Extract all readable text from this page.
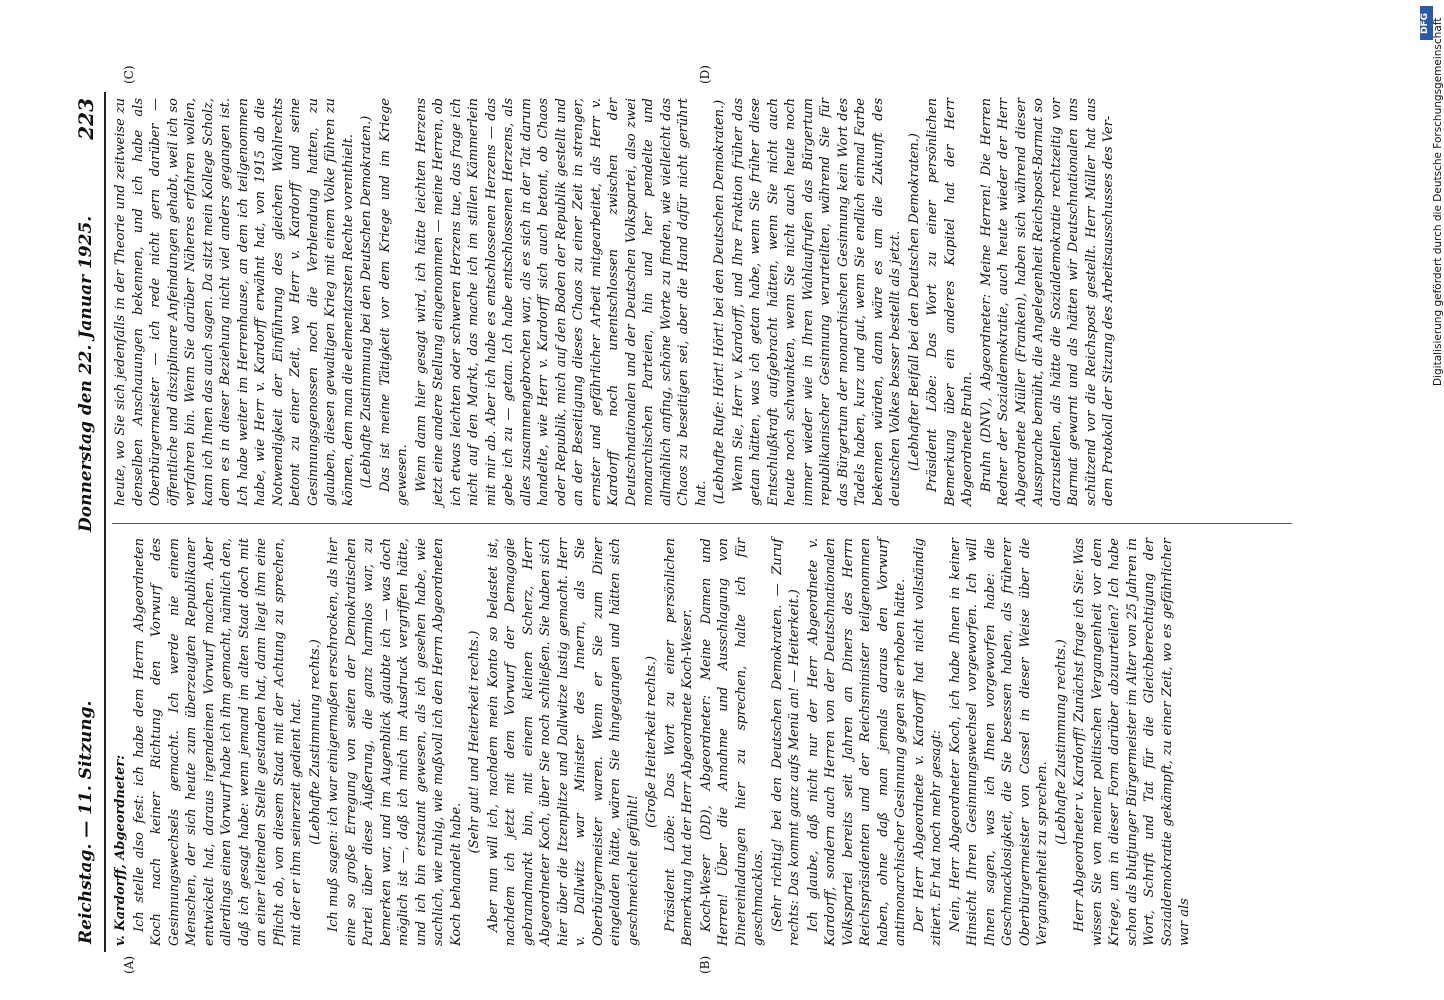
Reichstag. — 11. Sitzung.
Donnerstag den 22. Januar 1925.
223

v. Kardorff, Abgeordneter: Ich stelle also fest: ich habe dem Herrn Abgeordneten Koch nach keiner Richtung den Vorwurf des Gesinnungswechsels gemacht. Ich werde nie einem Menschen, der sich heute zum überzeugten Republikaner entwickelt hat, daraus irgendeinen Vorwurf machen. Aber allerdings einen Vorwurf habe ich ihm gemacht, nämlich den, daß ich gesagt habe: wenn jemand im alten Staat doch mit an einer leitenden Stelle gestanden hat, dann liegt ihm eine Pflicht ob, von diesem Staat mit der Achtung zu sprechen, mit der er ihm seinerzeit gedient hat. (Lebhafte Zustimmung rechts.) Ich muß sagen: ich war einigermaßen erschrocken, als hier eine so große Erregung von seiten der Demokratischen Partei über diese Äußerung, die ganz harmlos war, zu bemerken war, und im Augenblick glaubte ich — was doch möglich ist —, daß ich mich im Ausdruck vergriffen hätte, und ich bin erstaunt gewesen, als ich gesehen habe, wie sachlich, wie ruhig, wie maßvoll ich den Herrn Abgeordneten Koch behandelt habe.

(Sehr gut! und Heiterkeit rechts.) Aber nun will ich, nachdem mein Konto so belastet ist, nachdem ich jetzt mit dem Vorwurf der Demagogie gebrandmarkt bin, mit einem kleinen Scherz, Herr Abgeordneter Koch, über Sie noch schließen. Sie haben sich hier über die Itzenplitze und Dallwitze lustig gemacht. Herr v. Dallwitz war Minister des Innern, als Sie Oberbürgermeister waren. Wenn er Sie zum Diner eingeladen hätte, wären Sie hingegangen und hätten sich geschmeichelt gefühlt!

(Große Heiterkeit rechts.) Präsident Löbe: Das Wort zu einer persönlichen Bemerkung hat der Herr Abgeordnete Koch-Weser. Koch-Weser (DD), Abgeordneter: Meine Damen und Herren! Über die Annahme und Ausschlagung von Dinereinladungen hier zu sprechen, halte ich für geschmacklos. (Sehr richtig! bei den Deutschen Demokraten. — Zuruf rechts: Das kommt ganz aufs Menü an! — Heiterkeit.) Ich glaube, daß nicht nur der Herr Abgeordnete v. Kardorff, sondern auch Herren von der Deutschnationalen Volkspartei bereits seit Jahren an Diners des Herrn Reichspräsidenten und der Reichsminister teilgenommen haben, ohne daß man jemals daraus den Vorwurf antimonarchischer Gesinnung gegen sie erhoben hätte. Der Herr Abgeordnete v. Kardorff hat nicht vollständig zitiert. Er hat noch mehr gesagt: Nein, Herr Abgeordneter Koch, ich habe Ihnen in keiner Hinsicht Ihren Gesinnungswechsel vorgeworfen. Ich will Ihnen sagen, was ich Ihnen vorgeworfen habe: die Geschmacklosigkeit, die Sie besessen haben, als früherer Oberbürgermeister von Cassel in dieser Weise über die Vergangenheit zu sprechen.

(Lebhafte Zustimmung rechts.) Herr Abgeordneter v. Kardorff! Zunächst frage ich Sie: Was wissen Sie von meiner politischen Vergangenheit vor dem Kriege, um in dieser Form darüber abzuurteilen? Ich habe schon als blutjunger Bürgermeister im Alter von 25 Jahren in Wort, Schrift und Tat für die Gleichberechtigung der Sozialdemokratie gekämpft, zu einer Zeit, wo es gefährlicher war als

heute, wo Sie sich jedenfalls in der Theorie und zeitweise zu denselben Anschauungen bekennen, und ich habe als Oberbürgermeister — ich rede nicht gern darüber — öffentliche und disziplinare Anfeindungen gehabt, weil ich so verfahren bin. Wenn Sie darüber Näheres erfahren wollen, kann ich Ihnen das auch sagen. Da sitzt mein Kollege Scholz, dem es in dieser Beziehung nicht viel anders gegangen ist. Ich habe weiter im Herrenhause, an dem ich teilgenommen habe, wie Herr v. Kardorff erwähnt hat, von 1915 ab die Notwendigkeit der Einführung des gleichen Wahlrechts betont zu einer Zeit, wo Herr v. Kardorff und seine Gesinnungsgenossen noch die Verblendung hatten, zu glauben, diesen gewaltigen Krieg mit einem Volke führen zu können, dem man die elementarsten Rechte vorenthielt. (Lebhafte Zustimmung bei den Deutschen Demokraten.) Das ist meine Tätigkeit vor dem Kriege und im Kriege gewesen. Wenn dann hier gesagt wird, ich hätte leichten Herzens jetzt eine andere Stellung eingenommen — meine Herren, ob ich etwas leichten oder schweren Herzens tue, das frage ich nicht auf den Markt, das mache ich im stillen Kämmerlein mit mir ab. Aber ich habe es entschlossenen Herzens — das gebe ich zu — getan. Ich habe entschlossenen Herzens, als alles zusammengebrochen war, als es sich in der Tat darum handelte, wie Herr v. Kardorff sich auch betont, ob Chaos oder Republik, mich auf den Boden der Republik gestellt und an der Beseitigung dieses Chaos zu einer Zeit in strenger, ernster und gefährlicher Arbeit mitgearbeitet, als Herr v. Kardorff noch unentschlossen zwischen der Deutschnationalen und der Deutschen Volkspartei, also zwei monarchischen Parteien, hin und her pendelte und allmählich anfing, schöne Worte zu finden, wie vielleicht das Chaos zu beseitigen sei, aber die Hand dafür nicht gerührt hat. (Lebhafte Rufe: Hört! Hört! bei den Deutschen Demokraten.) Wenn Sie, Herr v. Kardorff, und Ihre Fraktion früher das getan hätten, was ich getan habe, wenn Sie früher diese Entschlußkraft aufgebracht hätten, wenn Sie nicht auch heute noch schwankten, wenn Sie nicht auch heute noch immer wieder wie in Ihren Wahlaufrufen das Bürgertum republikanischer Gesinnung verurteilten, während Sie für das Bürgertum der monarchischen Gesinnung kein Wort des Tadels haben, kurz und gut, wenn Sie endlich einmal Farbe bekennen würden, dann wäre es um die Zukunft des deutschen Volkes besser bestellt als jetzt. (Lebhafter Beifall bei den Deutschen Demokraten.) Präsident Löbe: Das Wort zu einer persönlichen Bemerkung über ein anderes Kapitel hat der Herr Abgeordnete Bruhn. Bruhn (DNV), Abgeordneter: Meine Herren! Die Herren Redner der Sozialdemokratie, auch heute wieder der Herr Abgeordnete Müller (Franken), haben sich während dieser Aussprache bemüht, die Angelegenheit Reichspost-Barmat so darzustellen, als hätte die Sozialdemokratie rechtzeitig vor Barmat gewarnt und als hätten wir Deutschnationalen uns schützend vor die Reichspost gestellt. Herr Müller hat aus dem Protokoll der Sitzung des Arbeitsausschusses des Ver-

(A)	(B)
(C)	(D)
DFG Digitalisierung gefördert durch die Deutsche Forschungsgemeinschaft
